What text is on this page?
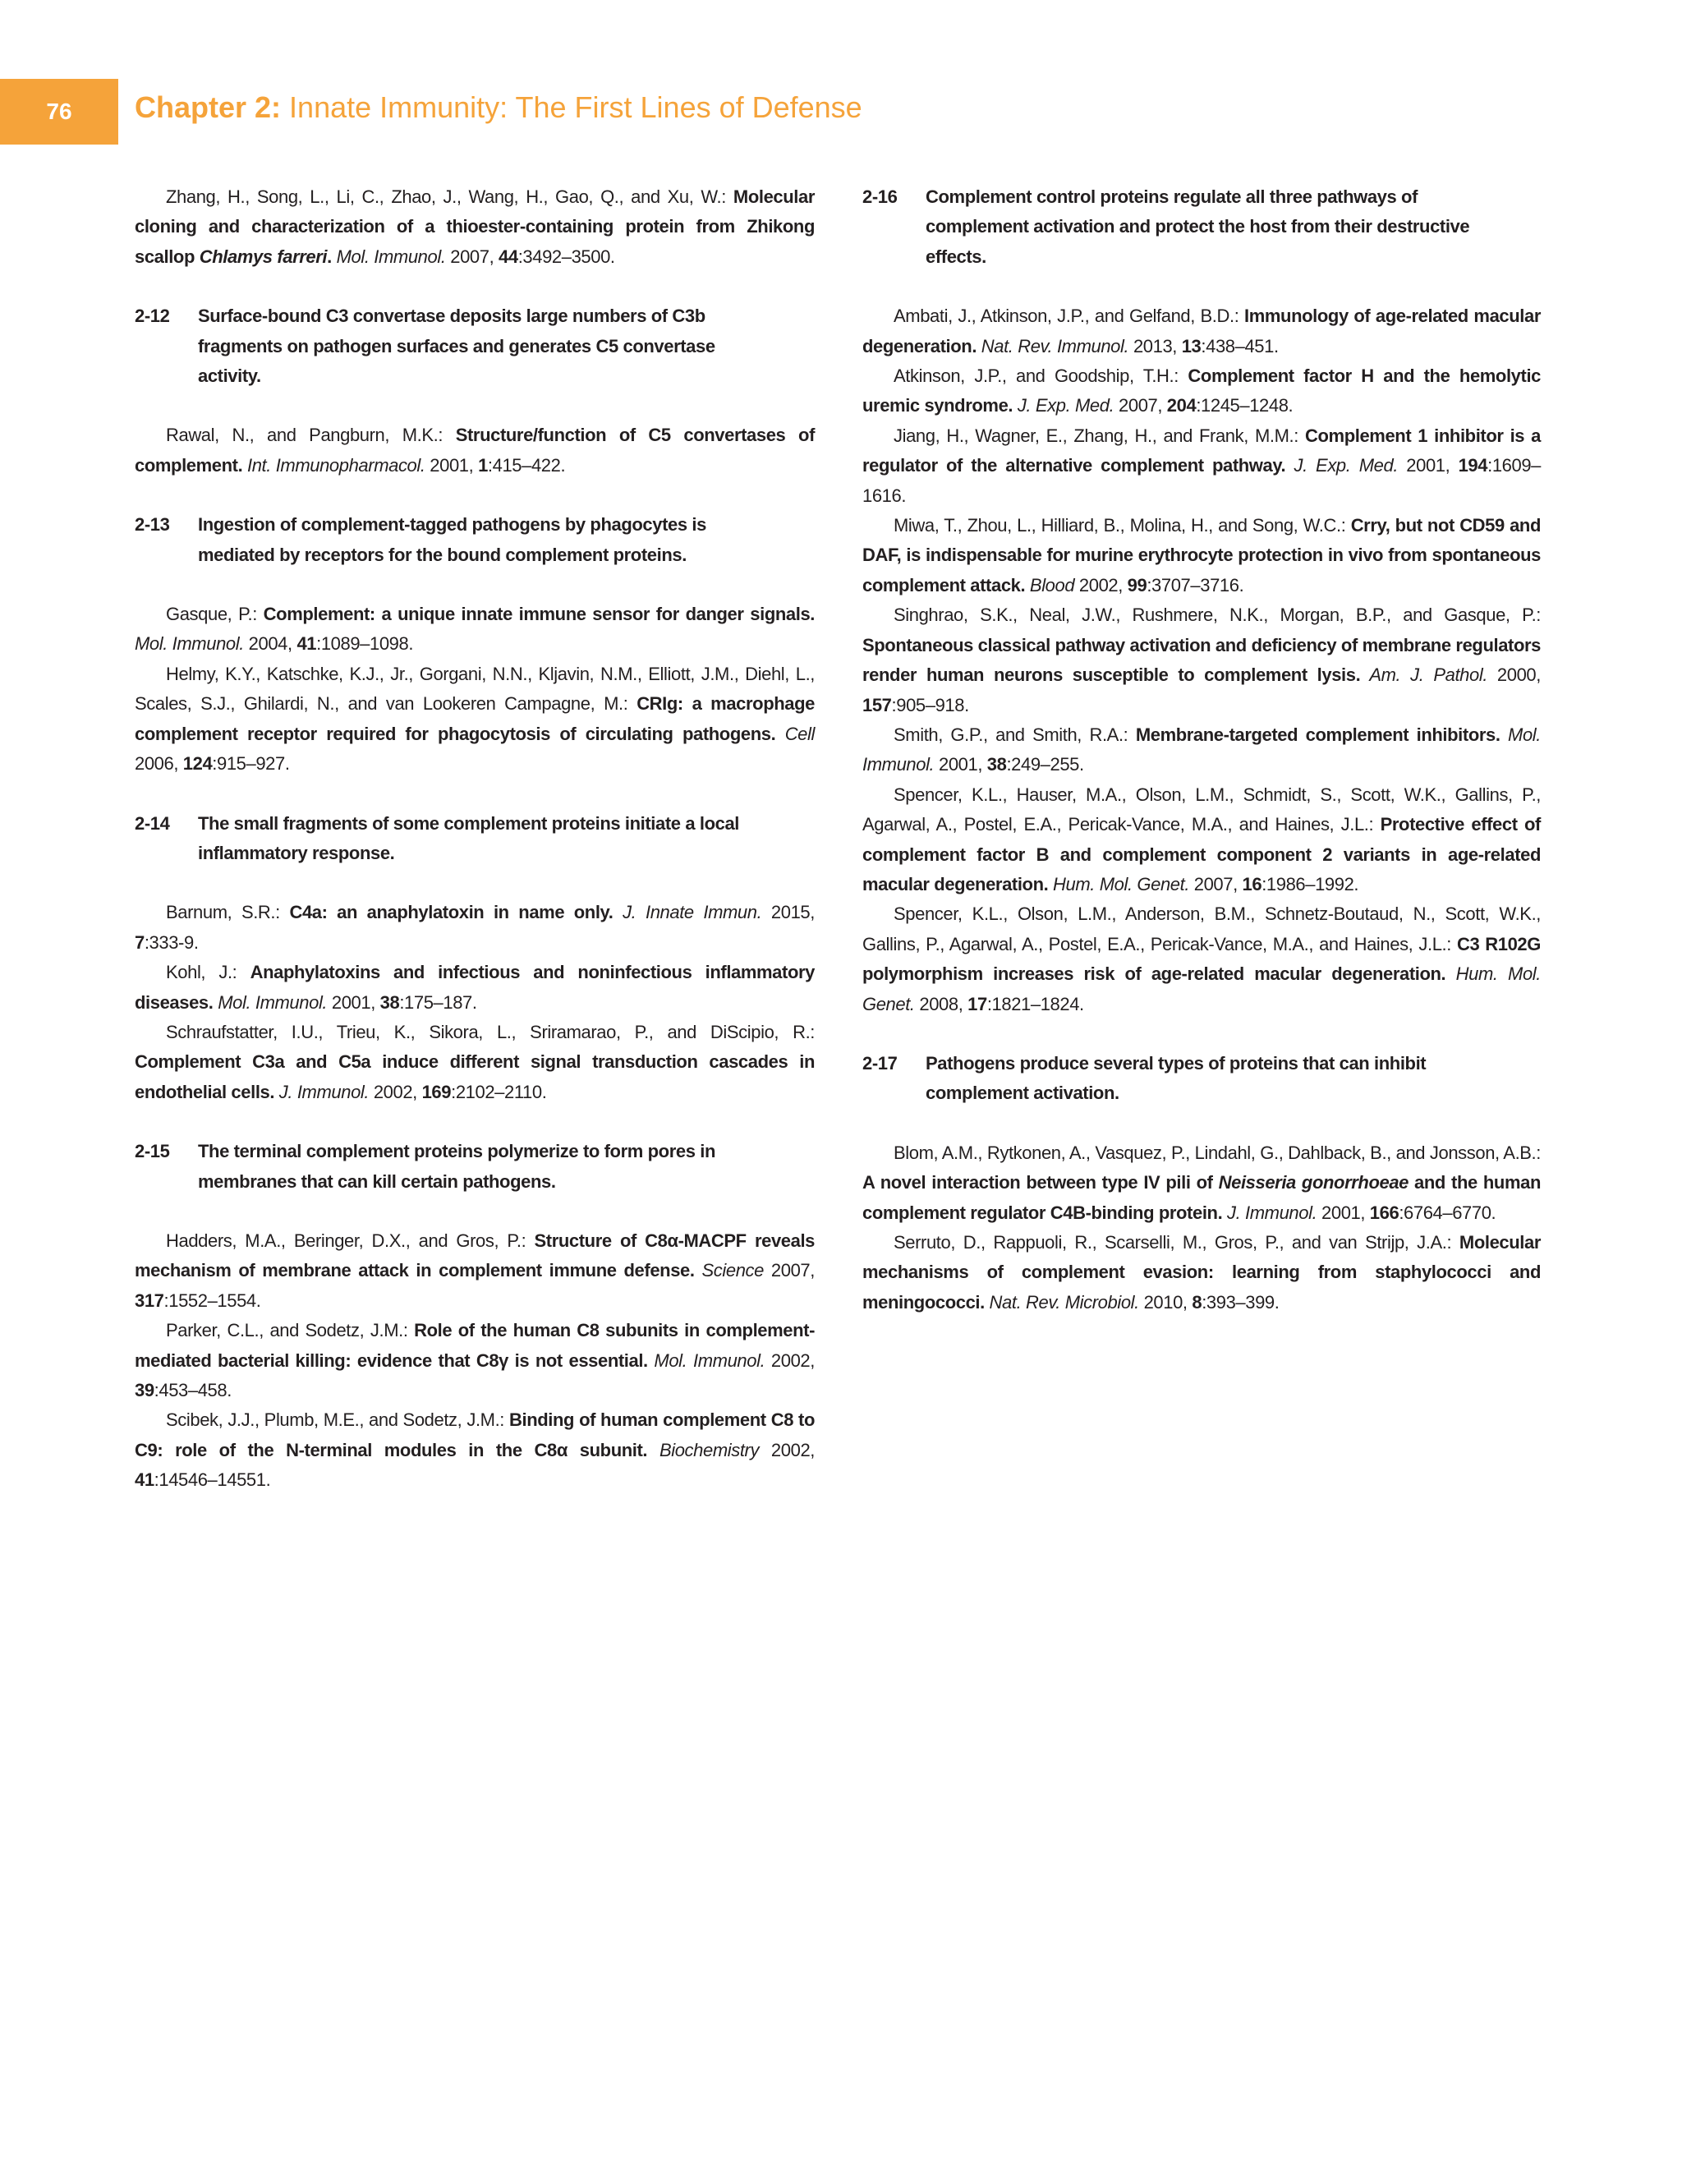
76	Chapter 2: Innate Immunity: The First Lines of Defense

Zhang, H., Song, L., Li, C., Zhao, J., Wang, H., Gao, Q., and Xu, W.: Molecular cloning and characterization of a thioester-containing protein from Zhikong scallop Chlamys farreri. Mol. Immunol. 2007, 44:3492–3500.

2-12	Surface-bound C3 convertase deposits large numbers of C3b fragments on pathogen surfaces and generates C5 convertase activity.

Rawal, N., and Pangburn, M.K.: Structure/function of C5 convertases of complement. Int. Immunopharmacol. 2001, 1:415–422.

2-13	Ingestion of complement-tagged pathogens by phagocytes is mediated by receptors for the bound complement proteins.

Gasque, P.: Complement: a unique innate immune sensor for danger signals. Mol. Immunol. 2004, 41:1089–1098.

Helmy, K.Y., Katschke, K.J., Jr., Gorgani, N.N., Kljavin, N.M., Elliott, J.M., Diehl, L., Scales, S.J., Ghilardi, N., and van Lookeren Campagne, M.: CRIg: a macrophage complement receptor required for phagocytosis of circulating pathogens. Cell 2006, 124:915–927.

2-14	The small fragments of some complement proteins initiate a local inflammatory response.

Barnum, S.R.: C4a: an anaphylatoxin in name only. J. Innate Immun. 2015, 7:333-9.

Kohl, J.: Anaphylatoxins and infectious and noninfectious inflammatory diseases. Mol. Immunol. 2001, 38:175–187.

Schraufstatter, I.U., Trieu, K., Sikora, L., Sriramarao, P., and DiScipio, R.: Complement C3a and C5a induce different signal transduction cascades in endothelial cells. J. Immunol. 2002, 169:2102–2110.

2-15	The terminal complement proteins polymerize to form pores in membranes that can kill certain pathogens.

Hadders, M.A., Beringer, D.X., and Gros, P.: Structure of C8α-MACPF reveals mechanism of membrane attack in complement immune defense. Science 2007, 317:1552–1554.

Parker, C.L., and Sodetz, J.M.: Role of the human C8 subunits in complement-mediated bacterial killing: evidence that C8γ is not essential. Mol. Immunol. 2002, 39:453–458.

Scibek, J.J., Plumb, M.E., and Sodetz, J.M.: Binding of human complement C8 to C9: role of the N-terminal modules in the C8α subunit. Biochemistry 2002, 41:14546–14551.

2-16	Complement control proteins regulate all three pathways of complement activation and protect the host from their destructive effects.

Ambati, J., Atkinson, J.P., and Gelfand, B.D.: Immunology of age-related macular degeneration. Nat. Rev. Immunol. 2013, 13:438–451.

Atkinson, J.P., and Goodship, T.H.: Complement factor H and the hemolytic uremic syndrome. J. Exp. Med. 2007, 204:1245–1248.

Jiang, H., Wagner, E., Zhang, H., and Frank, M.M.: Complement 1 inhibitor is a regulator of the alternative complement pathway. J. Exp. Med. 2001, 194:1609–1616.

Miwa, T., Zhou, L., Hilliard, B., Molina, H., and Song, W.C.: Crry, but not CD59 and DAF, is indispensable for murine erythrocyte protection in vivo from spontaneous complement attack. Blood 2002, 99:3707–3716.

Singhrao, S.K., Neal, J.W., Rushmere, N.K., Morgan, B.P., and Gasque, P.: Spontaneous classical pathway activation and deficiency of membrane regulators render human neurons susceptible to complement lysis. Am. J. Pathol. 2000, 157:905–918.

Smith, G.P., and Smith, R.A.: Membrane-targeted complement inhibitors. Mol. Immunol. 2001, 38:249–255.

Spencer, K.L., Hauser, M.A., Olson, L.M., Schmidt, S., Scott, W.K., Gallins, P., Agarwal, A., Postel, E.A., Pericak-Vance, M.A., and Haines, J.L.: Protective effect of complement factor B and complement component 2 variants in age-related macular degeneration. Hum. Mol. Genet. 2007, 16:1986–1992.

Spencer, K.L., Olson, L.M., Anderson, B.M., Schnetz-Boutaud, N., Scott, W.K., Gallins, P., Agarwal, A., Postel, E.A., Pericak-Vance, M.A., and Haines, J.L.: C3 R102G polymorphism increases risk of age-related macular degeneration. Hum. Mol. Genet. 2008, 17:1821–1824.

2-17	Pathogens produce several types of proteins that can inhibit complement activation.

Blom, A.M., Rytkonen, A., Vasquez, P., Lindahl, G., Dahlback, B., and Jonsson, A.B.: A novel interaction between type IV pili of Neisseria gonorrhoeae and the human complement regulator C4B-binding protein. J. Immunol. 2001, 166:6764–6770.

Serruto, D., Rappuoli, R., Scarselli, M., Gros, P., and van Strijp, J.A.: Molecular mechanisms of complement evasion: learning from staphylococci and meningococci. Nat. Rev. Microbiol. 2010, 8:393–399.
